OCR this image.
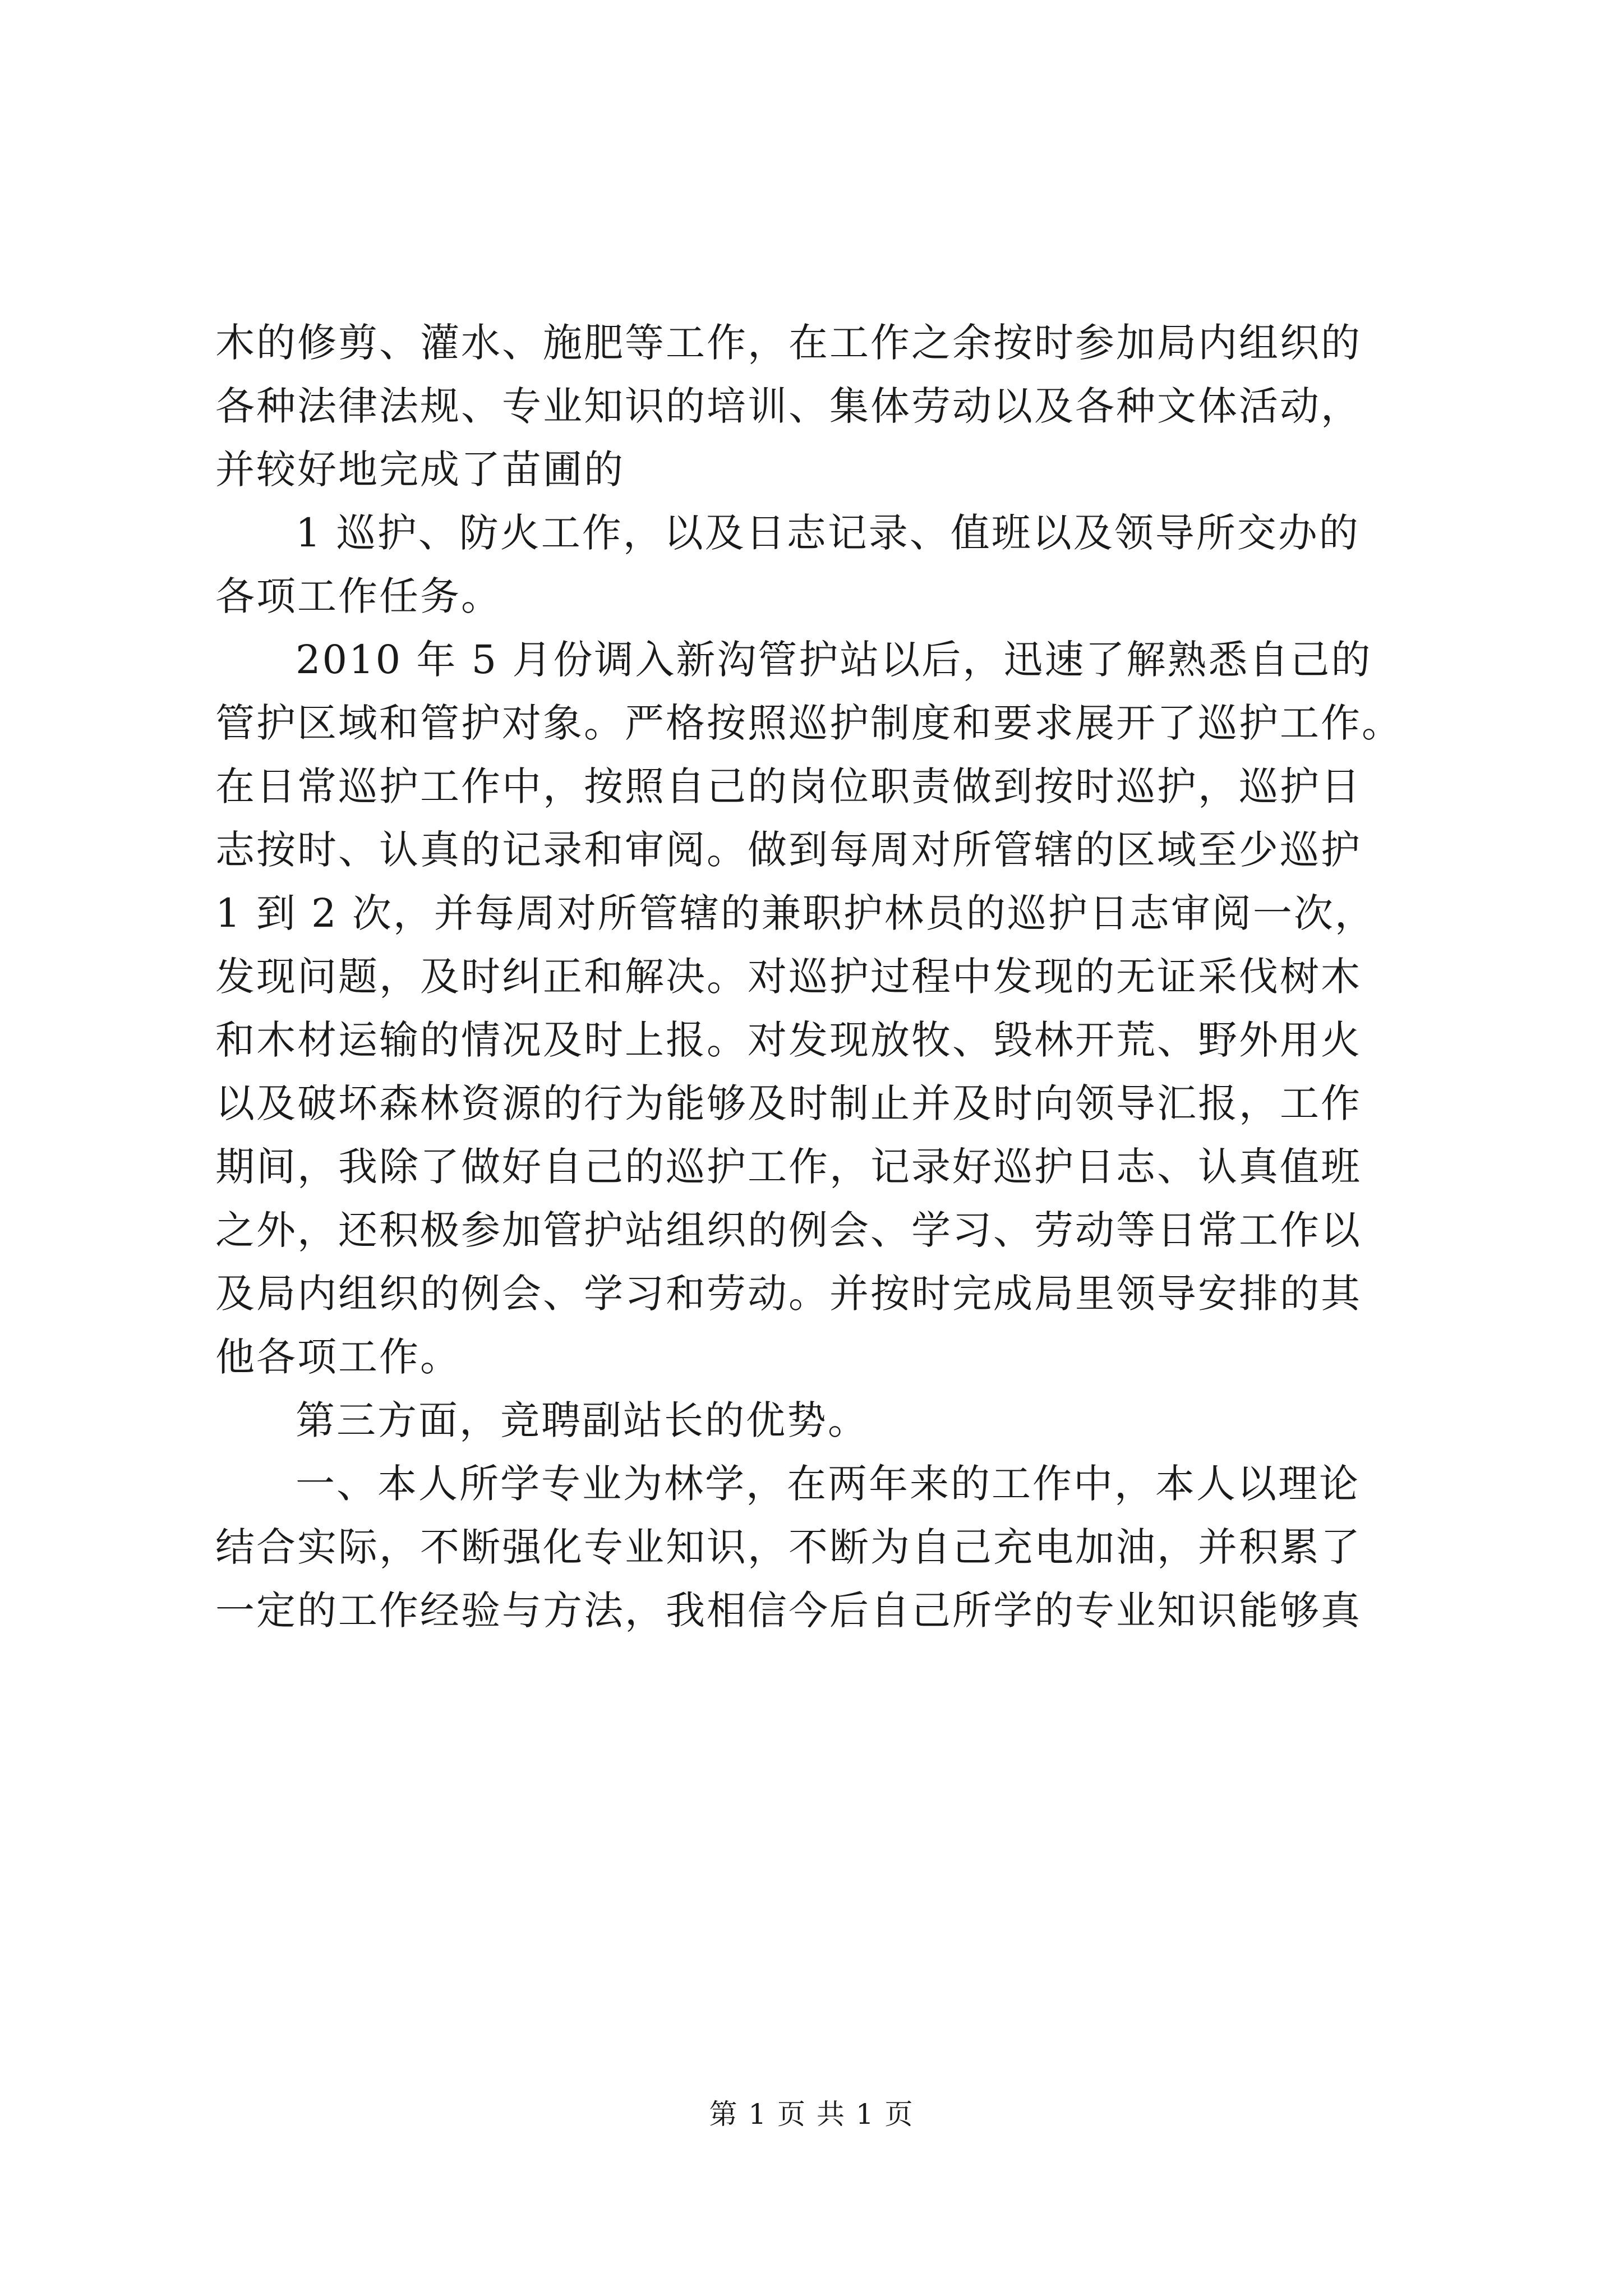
木的修剪、灌水、施肥等工作，在工作之余按时参加局内组织的
各种法律法规、专业知识的培训、集体劳动以及各种文体活动，
并较好地完成了苗圃的
1 巡护、防火工作，以及日志记录、值班以及领导所交办的
各项工作任务。
2010 年 5 月份调入新沟管护站以后，迅速了解熟悉自己的
管护区域和管护对象。严格按照巡护制度和要求展开了巡护工作。
在日常巡护工作中，按照自己的岗位职责做到按时巡护，巡护日
志按时、认真的记录和审阅。做到每周对所管辖的区域至少巡护
1 到 2 次，并每周对所管辖的兼职护林员的巡护日志审阅一次，
发现问题，及时纠正和解决。对巡护过程中发现的无证采伐树木
和木材运输的情况及时上报。对发现放牧、毁林开荒、野外用火
以及破坏森林资源的行为能够及时制止并及时向领导汇报，工作
期间，我除了做好自己的巡护工作，记录好巡护日志、认真值班
之外，还积极参加管护站组织的例会、学习、劳动等日常工作以
及局内组织的例会、学习和劳动。并按时完成局里领导安排的其
他各项工作。
第三方面，竞聘副站长的优势。
一、本人所学专业为林学，在两年来的工作中，本人以理论
结合实际，不断强化专业知识，不断为自己充电加油，并积累了
一定的工作经验与方法，我相信今后自己所学的专业知识能够真
第 1 页 共 1 页
